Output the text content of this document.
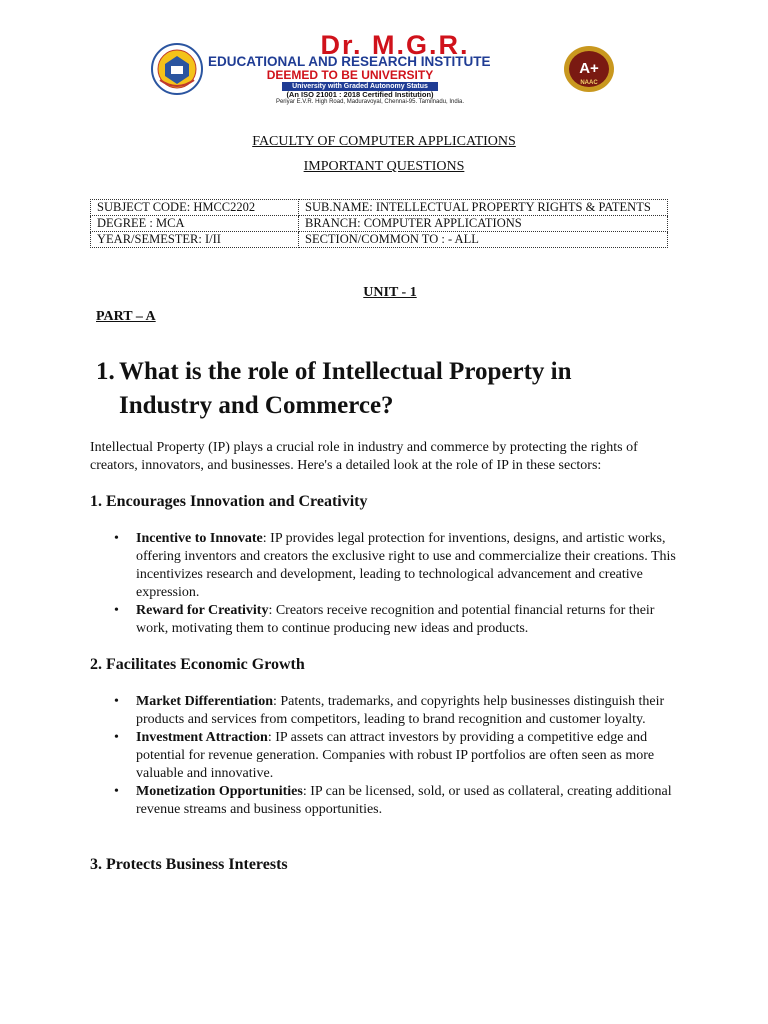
Dr. M.G.R.
EDUCATIONAL AND RESEARCH INSTITUTE
DEEMED TO BE UNIVERSITY
University with Graded Autonomy Status
(An ISO 21001 : 2018 Certified Institution)
Periyar E.V.R. High Road, Maduravoyal, Chennai-95. Tamilnadu, India.
A+
NAAC
FACULTY OF COMPUTER APPLICATIONS
IMPORTANT QUESTIONS
SUBJECT CODE: HMCC2202	SUB.NAME: INTELLECTUAL PROPERTY RIGHTS & PATENTS
DEGREE : MCA	BRANCH: COMPUTER APPLICATIONS
YEAR/SEMESTER: I/II	SECTION/COMMON TO : - ALL
UNIT - 1
PART – A
1. What is the role of Intellectual Property in Industry and Commerce?
Intellectual Property (IP) plays a crucial role in industry and commerce by protecting the rights of creators, innovators, and businesses. Here's a detailed look at the role of IP in these sectors:
1. Encourages Innovation and Creativity
• Incentive to Innovate: IP provides legal protection for inventions, designs, and artistic works, offering inventors and creators the exclusive right to use and commercialize their creations. This incentivizes research and development, leading to technological advancement and creative expression.
• Reward for Creativity: Creators receive recognition and potential financial returns for their work, motivating them to continue producing new ideas and products.
2. Facilitates Economic Growth
• Market Differentiation: Patents, trademarks, and copyrights help businesses distinguish their products and services from competitors, leading to brand recognition and customer loyalty.
• Investment Attraction: IP assets can attract investors by providing a competitive edge and potential for revenue generation. Companies with robust IP portfolios are often seen as more valuable and innovative.
• Monetization Opportunities: IP can be licensed, sold, or used as collateral, creating additional revenue streams and business opportunities.
3. Protects Business Interests
